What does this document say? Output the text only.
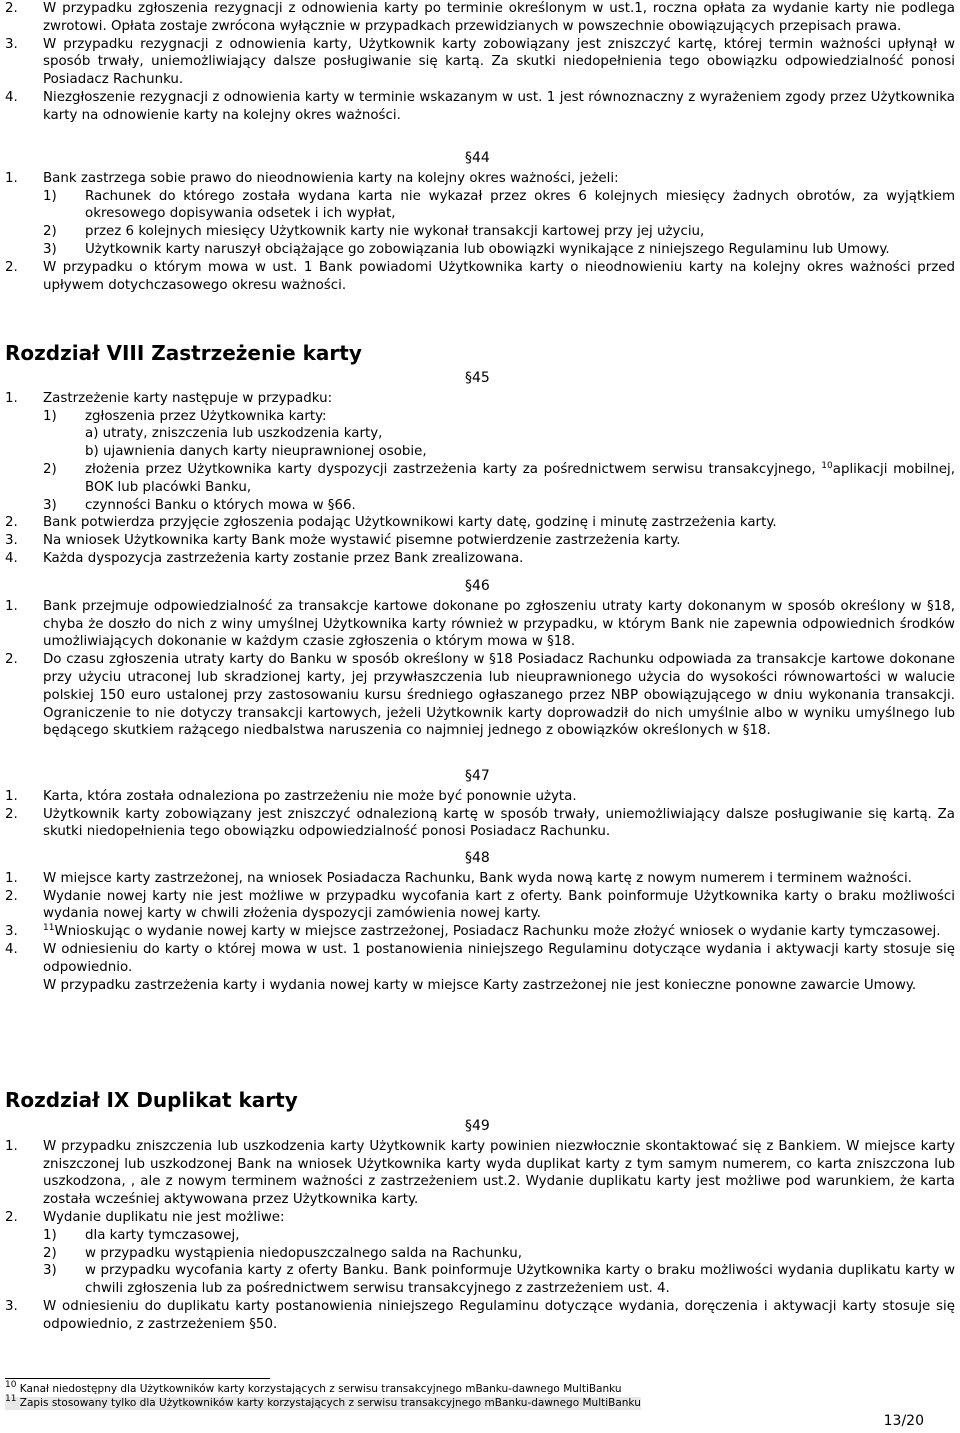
2.	W przypadku zgłoszenia rezygnacji z odnowienia karty po terminie określonym w ust.1, roczna opłata za wydanie karty nie podlega zwrotowi. Opłata zostaje zwrócona wyłącznie w przypadkach przewidzianych w powszechnie obowiązujących przepisach prawa.
3.	W przypadku rezygnacji z odnowienia karty, Użytkownik karty zobowiązany jest zniszczyć kartę, której termin ważności upłynął w sposób trwały, uniemożliwiający dalsze posługiwanie się kartą. Za skutki niedopełnienia tego obowiązku odpowiedzialność ponosi Posiadacz Rachunku.
4.	Niezgłoszenie rezygnacji z odnowienia karty w terminie wskazanym w ust. 1 jest równoznaczny z wyrażeniem zgody przez Użytkownika karty na odnowienie karty na kolejny okres ważności.
§44
1.	Bank zastrzega sobie prawo do nieodnowienia karty na kolejny okres ważności, jeżeli:
1)	Rachunek do którego została wydana karta nie wykazał przez okres 6 kolejnych miesięcy żadnych obrotów, za wyjątkiem okresowego dopisywania odsetek i ich wypłat,
2)	przez 6 kolejnych miesięcy Użytkownik karty nie wykonał transakcji kartowej przy jej użyciu,
3)	Użytkownik karty naruszył obciążające go zobowiązania lub obowiązki wynikające z niniejszego Regulaminu lub Umowy.
2.	W przypadku o którym mowa w ust. 1 Bank powiadomi Użytkownika karty o nieodnowieniu karty na kolejny okres ważności przed upływem dotychczasowego okresu ważności.
Rozdział VIII Zastrzeżenie karty
§45
1.	Zastrzeżenie karty następuje w przypadku:
1)	zgłoszenia przez Użytkownika karty:
a) utraty, zniszczenia lub uszkodzenia karty,
b) ujawnienia danych karty nieuprawnionej osobie,
2)	złożenia przez Użytkownika karty dyspozycji zastrzeżenia karty za pośrednictwem serwisu transakcyjnego, $^{10}$aplikacji mobilnej, BOK lub placówki Banku,
3)	czynności Banku o których mowa w §66.
2.	Bank potwierdza przyjęcie zgłoszenia podając Użytkownikowi karty datę, godzinę i minutę zastrzeżenia karty.
3.	Na wniosek Użytkownika karty Bank może wystawić pisemne potwierdzenie zastrzeżenia karty.
4.	Każda dyspozycja zastrzeżenia karty zostanie przez Bank zrealizowana.
§46
1.	Bank przejmuje odpowiedzialność za transakcje kartowe dokonane po zgłoszeniu utraty karty dokonanym w sposób określony w §18, chyba że doszło do nich z winy umyślnej Użytkownika karty również w przypadku, w którym Bank nie zapewnia odpowiednich środków umożliwiających dokonanie w każdym czasie zgłoszenia o którym mowa w §18.
2.	Do czasu zgłoszenia utraty karty do Banku w sposób określony w §18 Posiadacz Rachunku odpowiada za transakcje kartowe dokonane przy użyciu utraconej lub skradzionej karty, jej przywłaszczenia lub nieuprawnionego użycia do wysokości równowartości w walucie polskiej 150 euro ustalonej przy zastosowaniu kursu średniego ogłaszanego przez NBP obowiązującego w dniu wykonania transakcji. Ograniczenie to nie dotyczy transakcji kartowych, jeżeli Użytkownik karty doprowadził do nich umyślnie albo w wyniku umyślnego lub będącego skutkiem rażącego niedbalstwa naruszenia co najmniej jednego z obowiązków określonych w §18.
§47
1.	Karta, która została odnaleziona po zastrzeżeniu nie może być ponownie użyta.
2.	Użytkownik karty zobowiązany jest zniszczyć odnalezioną kartę w sposób trwały, uniemożliwiający dalsze posługiwanie się kartą. Za skutki niedopełnienia tego obowiązku odpowiedzialność ponosi Posiadacz Rachunku.
§48
1.	W miejsce karty zastrzeżonej, na wniosek Posiadacza Rachunku, Bank wyda nową kartę z nowym numerem i terminem ważności.
2.	Wydanie nowej karty nie jest możliwe w przypadku wycofania kart z oferty. Bank poinformuje Użytkownika karty o braku możliwości wydania nowej karty w chwili złożenia dyspozycji zamówienia nowej karty.
3.	$^{11}$Wnioskując o wydanie nowej karty w miejsce zastrzeżonej, Posiadacz Rachunku może złożyć wniosek o wydanie karty tymczasowej.
4.	W odniesieniu do karty o której mowa w ust. 1 postanowienia niniejszego Regulaminu dotyczące wydania i aktywacji karty stosuje się odpowiednio.
W przypadku zastrzeżenia karty i wydania nowej karty w miejsce Karty zastrzeżonej nie jest konieczne ponowne zawarcie Umowy.
Rozdział IX Duplikat karty
§49
1.	W przypadku zniszczenia lub uszkodzenia karty Użytkownik karty powinien niezwłocznie skontaktować się z Bankiem. W miejsce karty zniszczonej lub uszkodzonej Bank na wniosek Użytkownika karty wyda duplikat karty z tym samym numerem, co karta zniszczona lub uszkodzona, , ale z nowym terminem ważności z zastrzeżeniem ust.2. Wydanie duplikatu karty jest możliwe pod warunkiem, że karta została wcześniej aktywowana przez Użytkownika karty.
2.	Wydanie duplikatu nie jest możliwe:
1)	dla karty tymczasowej,
2)	w przypadku wystąpienia niedopuszczalnego salda na Rachunku,
3)	w przypadku wycofania karty z oferty Banku. Bank poinformuje Użytkownika karty o braku możliwości wydania duplikatu karty w chwili zgłoszenia lub za pośrednictwem serwisu transakcyjnego z zastrzeżeniem ust. 4.
3.	W odniesieniu do duplikatu karty postanowienia niniejszego Regulaminu dotyczące wydania, doręczenia i aktywacji karty stosuje się odpowiednio, z zastrzeżeniem §50.
$^{10}$ Kanał niedostępny dla Użytkowników karty korzystających z serwisu transakcyjnego mBanku-dawnego MultiBanku
$^{11}$ Zapis stosowany tylko dla Użytkowników karty korzystających z serwisu transakcyjnego mBanku-dawnego MultiBanku
13/20
